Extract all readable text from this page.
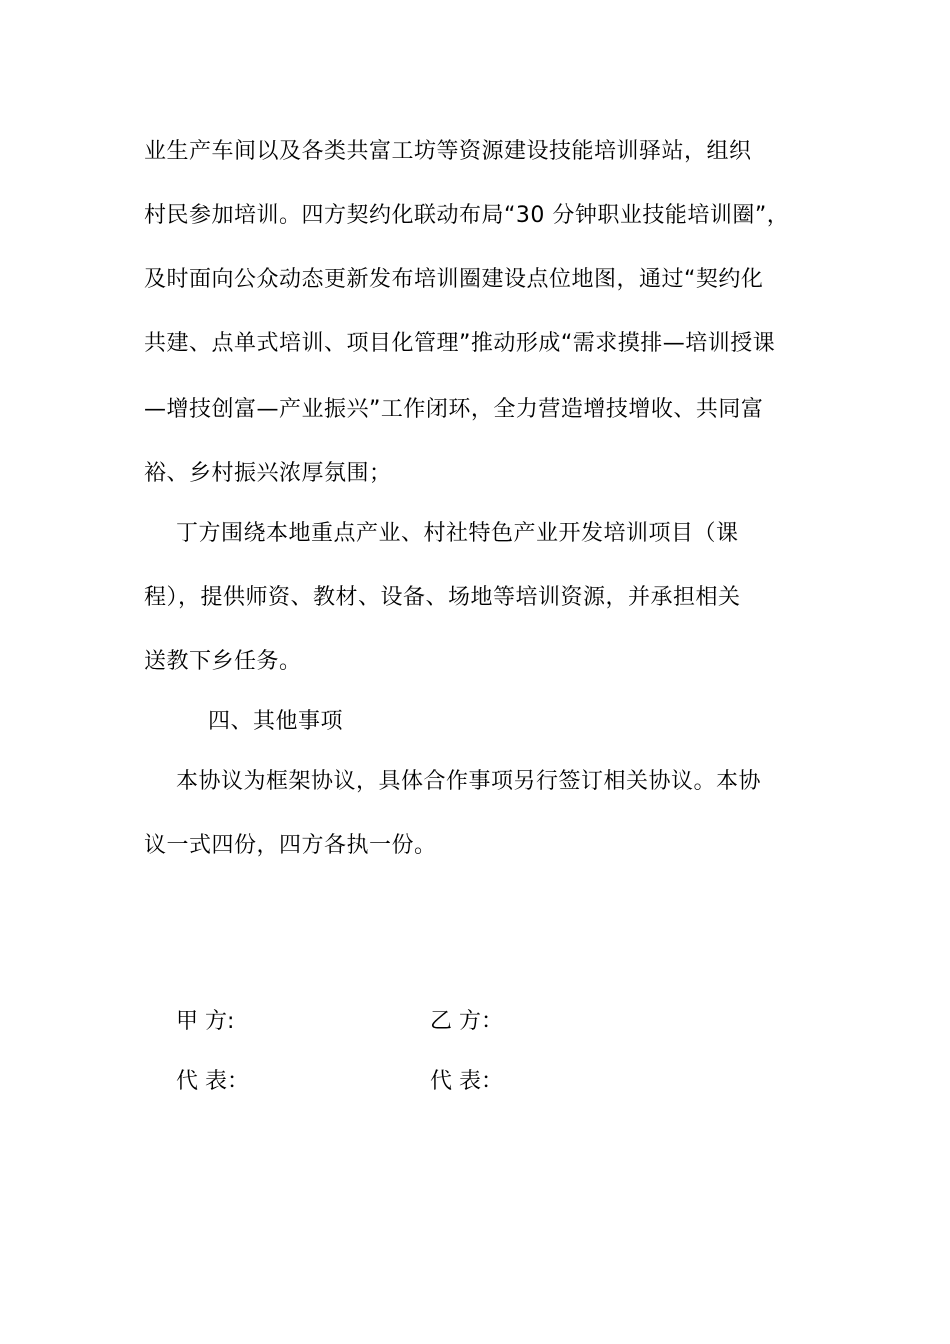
业生产车间以及各类共富工坊等资源建设技能培训驿站，组织
村民参加培训。四方契约化联动布局“30 分钟职业技能培训圈”，
及时面向公众动态更新发布培训圈建设点位地图，通过“契约化
共建、点单式培训、项目化管理”推动形成“需求摸排—培训授课
—增技创富—产业振兴”工作闭环，全力营造增技增收、共同富
裕、乡村振兴浓厚氛围；
丁方围绕本地重点产业、村社特色产业开发培训项目（课
程），提供师资、教材、设备、场地等培训资源，并承担相关
送教下乡任务。
四、其他事项
本协议为框架协议，具体合作事项另行签订相关协议。本协
议一式四份，四方各执一份。
甲 方:	乙 方：
代 表：	代 表：
